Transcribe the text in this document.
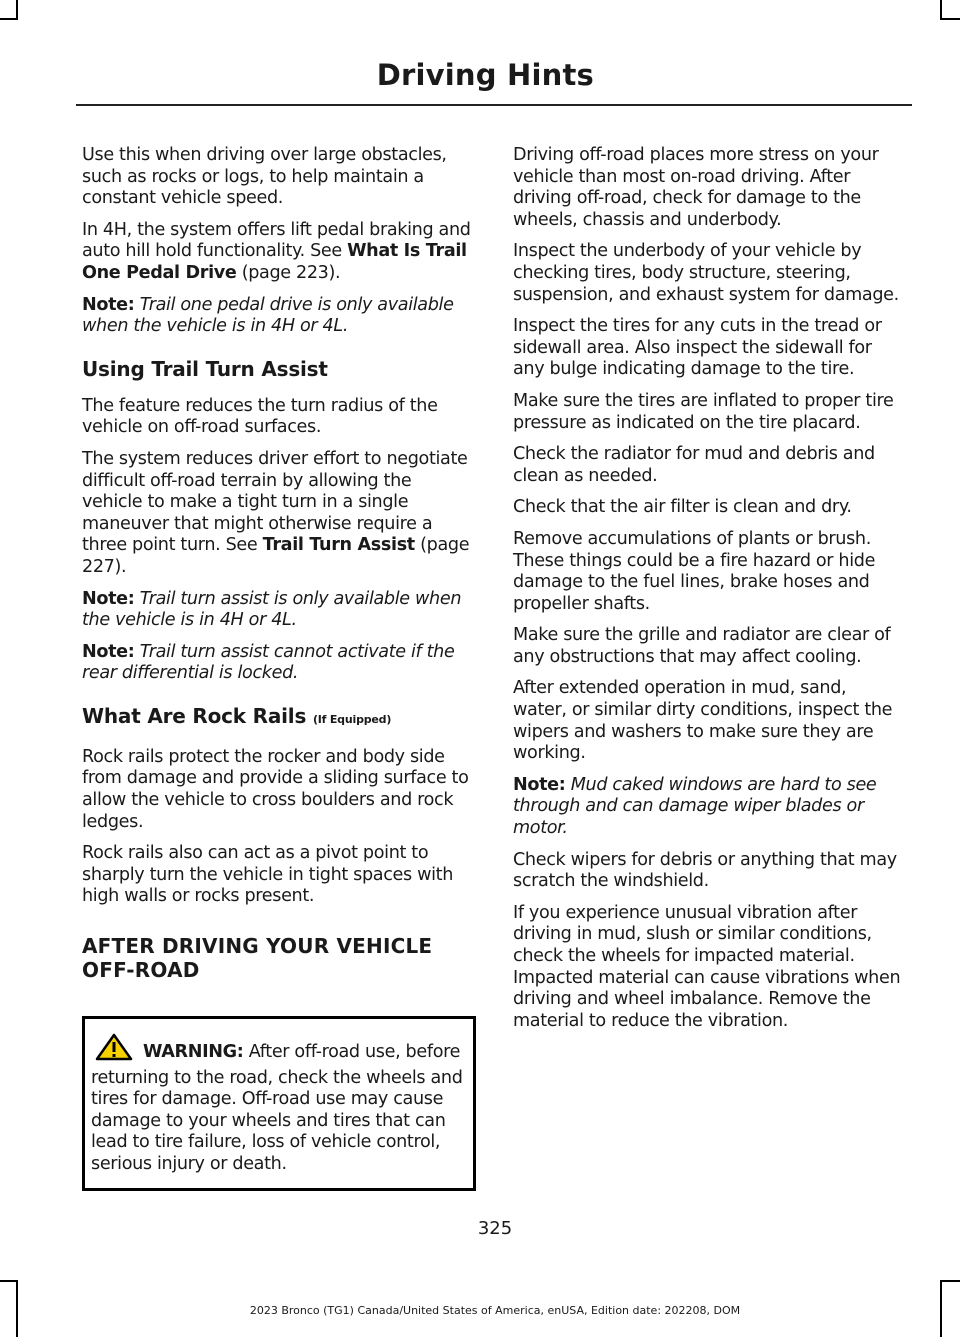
Driving Hints

Use this when driving over large obstacles, such as rocks or logs, to help maintain a constant vehicle speed.

In 4H, the system offers lift pedal braking and auto hill hold functionality. See What Is Trail One Pedal Drive (page 223).

Note: Trail one pedal drive is only available when the vehicle is in 4H or 4L.

Using Trail Turn Assist

The feature reduces the turn radius of the vehicle on off-road surfaces.

The system reduces driver effort to negotiate difficult off-road terrain by allowing the vehicle to make a tight turn in a single maneuver that might otherwise require a three point turn. See Trail Turn Assist (page 227).

Note: Trail turn assist is only available when the vehicle is in 4H or 4L.

Note: Trail turn assist cannot activate if the rear differential is locked.

What Are Rock Rails (If Equipped)

Rock rails protect the rocker and body side from damage and provide a sliding surface to allow the vehicle to cross boulders and rock ledges.

Rock rails also can act as a pivot point to sharply turn the vehicle in tight spaces with high walls or rocks present.

AFTER DRIVING YOUR VEHICLE OFF-ROAD

WARNING: After off-road use, before returning to the road, check the wheels and tires for damage. Off-road use may cause damage to your wheels and tires that can lead to tire failure, loss of vehicle control, serious injury or death.

Driving off-road places more stress on your vehicle than most on-road driving. After driving off-road, check for damage to the wheels, chassis and underbody.

Inspect the underbody of your vehicle by checking tires, body structure, steering, suspension, and exhaust system for damage.

Inspect the tires for any cuts in the tread or sidewall area. Also inspect the sidewall for any bulge indicating damage to the tire.

Make sure the tires are inflated to proper tire pressure as indicated on the tire placard.

Check the radiator for mud and debris and clean as needed.

Check that the air filter is clean and dry.

Remove accumulations of plants or brush. These things could be a fire hazard or hide damage to the fuel lines, brake hoses and propeller shafts.

Make sure the grille and radiator are clear of any obstructions that may affect cooling.

After extended operation in mud, sand, water, or similar dirty conditions, inspect the wipers and washers to make sure they are working.

Note: Mud caked windows are hard to see through and can damage wiper blades or motor.

Check wipers for debris or anything that may scratch the windshield.

If you experience unusual vibration after driving in mud, slush or similar conditions, check the wheels for impacted material. Impacted material can cause vibrations when driving and wheel imbalance. Remove the material to reduce the vibration.

325
2023 Bronco (TG1) Canada/United States of America, enUSA, Edition date: 202208, DOM
